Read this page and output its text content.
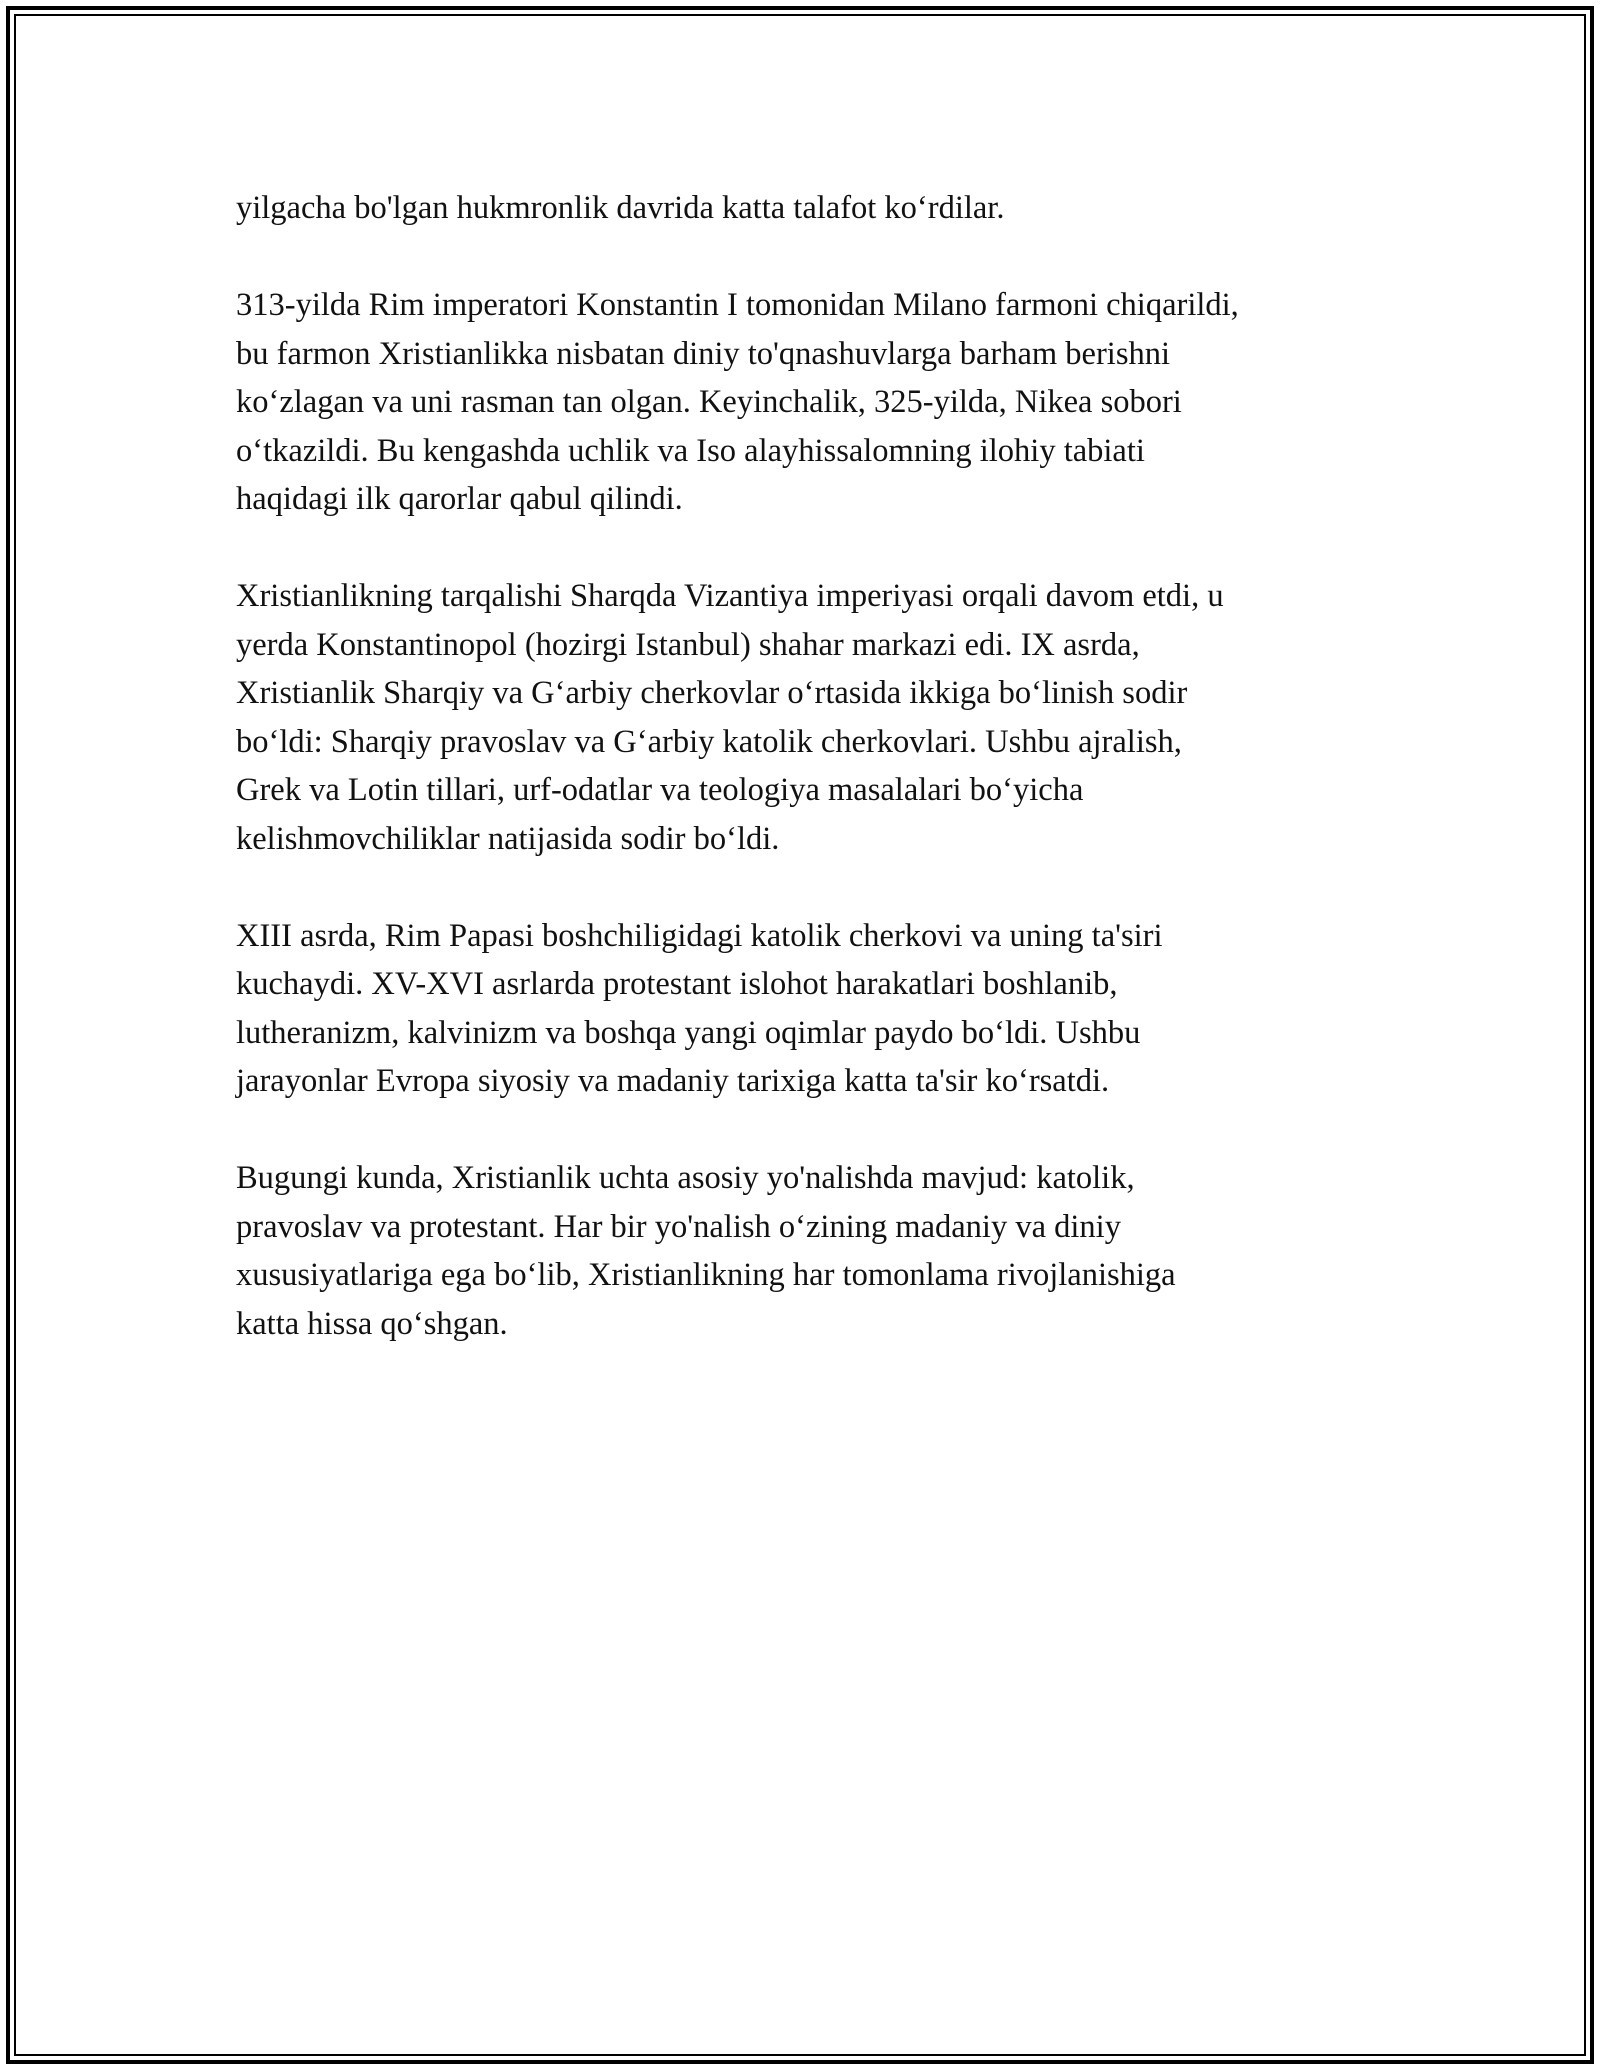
yilgacha bo'lgan hukmronlik davrida katta talafot ko‘rdilar.
313-yilda Rim imperatori Konstantin I tomonidan Milano farmoni chiqarildi,
bu farmon Xristianlikka nisbatan diniy to'qnashuvlarga barham berishni
ko‘zlagan va uni rasman tan olgan. Keyinchalik, 325-yilda, Nikea sobori
o‘tkazildi. Bu kengashda uchlik va Iso alayhissalomning ilohiy tabiati
haqidagi ilk qarorlar qabul qilindi.
Xristianlikning tarqalishi Sharqda Vizantiya imperiyasi orqali davom etdi, u
yerda Konstantinopol (hozirgi Istanbul) shahar markazi edi. IX asrda,
Xristianlik Sharqiy va G‘arbiy cherkovlar o‘rtasida ikkiga bo‘linish sodir
bo‘ldi: Sharqiy pravoslav va G‘arbiy katolik cherkovlari. Ushbu ajralish,
Grek va Lotin tillari, urf-odatlar va teologiya masalalari bo‘yicha
kelishmovchiliklar natijasida sodir bo‘ldi.
XIII asrda, Rim Papasi boshchiligidagi katolik cherkovi va uning ta'siri
kuchaydi. XV-XVI asrlarda protestant islohot harakatlari boshlanib,
lutheranizm, kalvinizm va boshqa yangi oqimlar paydo bo‘ldi. Ushbu
jarayonlar Evropa siyosiy va madaniy tarixiga katta ta'sir ko‘rsatdi.
Bugungi kunda, Xristianlik uchta asosiy yo'nalishda mavjud: katolik,
pravoslav va protestant. Har bir yo'nalish o‘zining madaniy va diniy
xususiyatlariga ega bo‘lib, Xristianlikning har tomonlama rivojlanishiga
katta hissa qo‘shgan.
